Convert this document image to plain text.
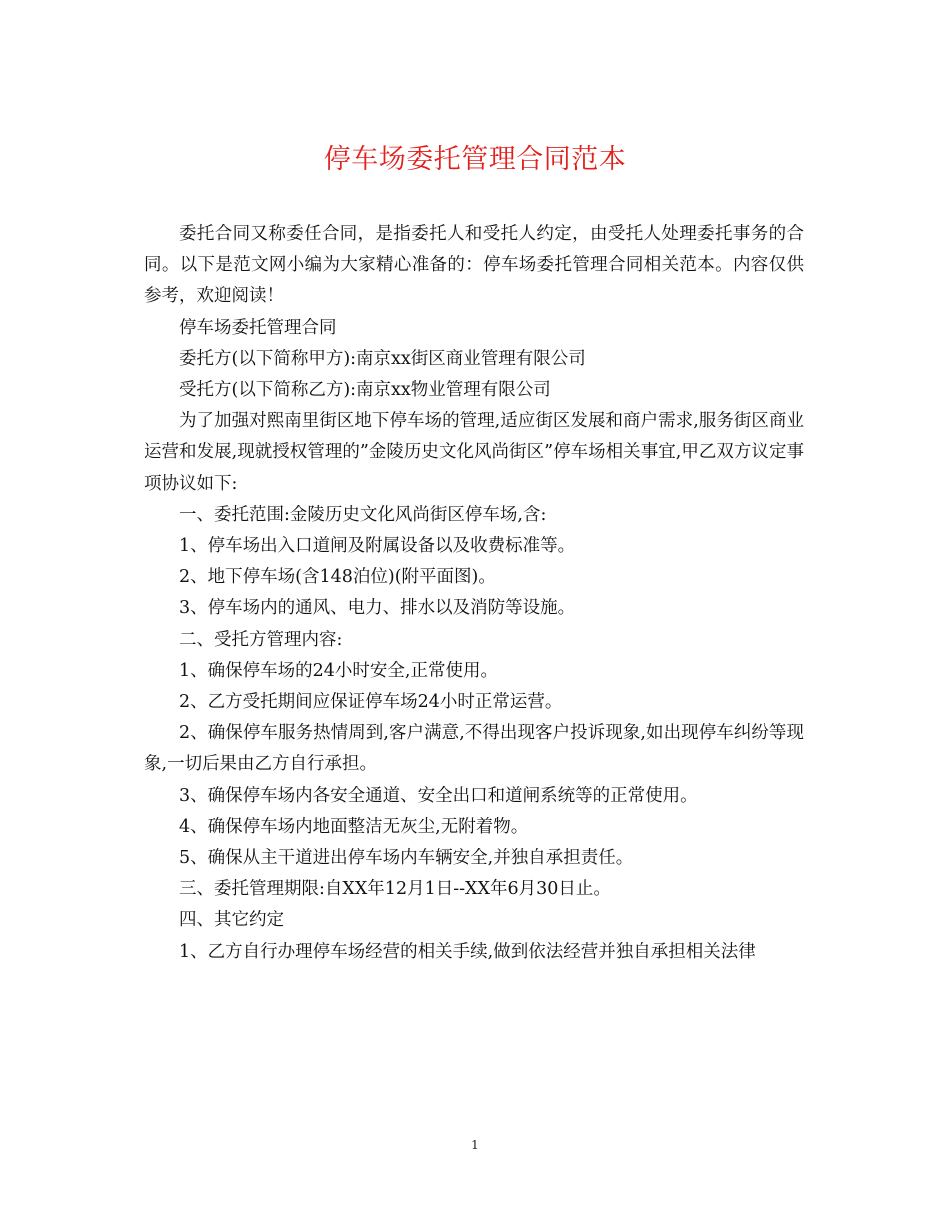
停车场委托管理合同范本

委托合同又称委任合同，是指委托人和受托人约定，由受托人处理委托事务的合同。以下是范文网小编为大家精心准备的：停车场委托管理合同相关范本。内容仅供参考，欢迎阅读！

停车场委托管理合同

委托方(以下简称甲方):南京xx街区商业管理有限公司

受托方(以下简称乙方):南京xx物业管理有限公司

为了加强对熙南里街区地下停车场的管理,适应街区发展和商户需求,服务街区商业运营和发展,现就授权管理的”金陵历史文化风尚街区”停车场相关事宜,甲乙双方议定事项协议如下:

一、委托范围:金陵历史文化风尚街区停车场,含:

1、停车场出入口道闸及附属设备以及收费标准等。

2、地下停车场(含148泊位)(附平面图)。

3、停车场内的通风、电力、排水以及消防等设施。

二、受托方管理内容:

1、确保停车场的24小时安全,正常使用。

2、乙方受托期间应保证停车场24小时正常运营。

2、确保停车服务热情周到,客户满意,不得出现客户投诉现象,如出现停车纠纷等现象,一切后果由乙方自行承担。

3、确保停车场内各安全通道、安全出口和道闸系统等的正常使用。

4、确保停车场内地面整洁无灰尘,无附着物。

5、确保从主干道进出停车场内车辆安全,并独自承担责任。

三、委托管理期限:自XX年12月1日--XX年6月30日止。

四、其它约定

1、乙方自行办理停车场经营的相关手续,做到依法经营并独自承担相关法律

1
